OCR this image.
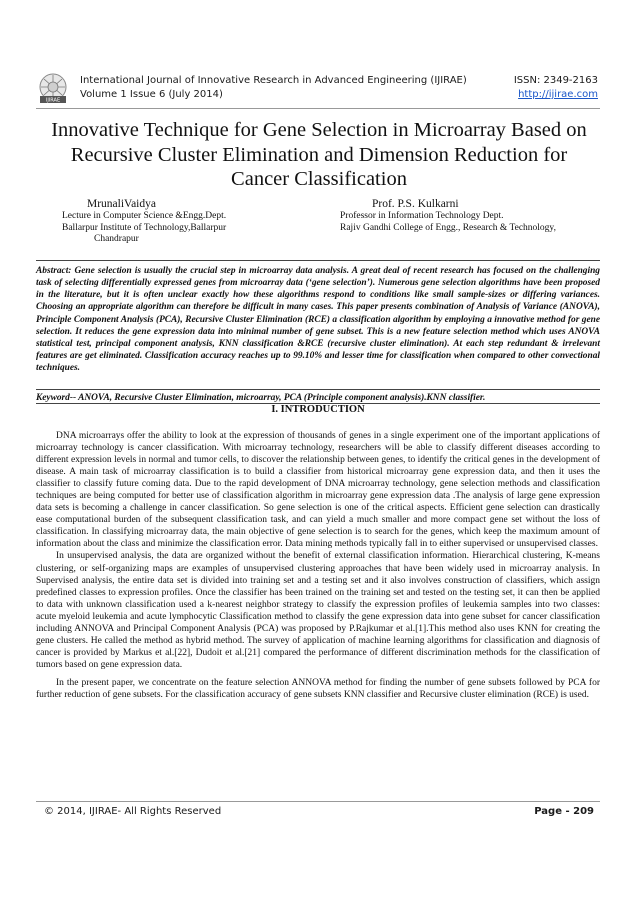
IJIRAE
International Journal of Innovative Research in Advanced Engineering (IJIRAE)
Volume 1 Issue 6 (July 2014)
ISSN: 2349-2163
http://ijirae.com
Innovative Technique for Gene Selection in Microarray Based on
Recursive Cluster Elimination and Dimension Reduction for
Cancer Classification
MrunaliVaidya
Lecture in Computer Science &Engg.Dept.
Ballarpur Institute of Technology,Ballarpur
Chandrapur
Prof. P.S. Kulkarni
Professor in Information Technology Dept.
Rajiv Gandhi College of Engg., Research & Technology,
Abstract: Gene selection is usually the crucial step in microarray data analysis. A great deal of recent research has focused on the challenging task of selecting differentially expressed genes from microarray data (‘gene selection’). Numerous gene selection algorithms have been proposed in the literature, but it is often unclear exactly how these algorithms respond to conditions like small sample-sizes or differing variances. Choosing an appropriate algorithm can therefore be difficult in many cases. This paper presents combination of Analysis of Variance (ANOVA), Principle Component Analysis (PCA), Recursive Cluster Elimination (RCE) a classification algorithm by employing a innovative method for gene selection. It reduces the gene expression data into minimal number of gene subset. This is a new feature selection method which uses ANOVA statistical test, principal component analysis, KNN classification &RCE (recursive cluster elimination). At each step redundant & irrelevant features are get eliminated. Classification accuracy reaches up to 99.10% and lesser time for classification when compared to other convectional techniques.
Keyword-- ANOVA, Recursive Cluster Elimination, microarray, PCA (Principle component analysis).KNN classifier.
I. INTRODUCTION

DNA microarrays offer the ability to look at the expression of thousands of genes in a single experiment one of the important applications of microarray technology is cancer classification. With microarray technology, researchers will be able to classify different diseases according to different expression levels in normal and tumor cells, to discover the relationship between genes, to identify the critical genes in the development of disease. A main task of microarray classification is to build a classifier from historical microarray gene expression data, and then it uses the classifier to classify future coming data. Due to the rapid development of DNA microarray technology, gene selection methods and classification techniques are being computed for better use of classification algorithm in microarray gene expression data .The analysis of large gene expression data sets is becoming a challenge in cancer classification. So gene selection is one of the critical aspects. Efficient gene selection can drastically ease computational burden of the subsequent classification task, and can yield a much smaller and more compact gene set without the loss of classification. In classifying microarray data, the main objective of gene selection is to search for the genes, which keep the maximum amount of information about the class and minimize the classification error. Data mining methods typically fall in to either supervised or unsupervised classes.

In unsupervised analysis, the data are organized without the benefit of external classification information. Hierarchical clustering, K-means clustering, or self-organizing maps are examples of unsupervised clustering approaches that have been widely used in microarray analysis. In Supervised analysis, the entire data set is divided into training set and a testing set and it also involves construction of classifiers, which assign predefined classes to expression profiles. Once the classifier has been trained on the training set and tested on the testing set, it can then be applied to data with unknown classification used a k-nearest neighbor strategy to classify the expression profiles of leukemia samples into two classes: acute myeloid leukemia and acute lymphocytic Classification method to classify the gene expression data into gene subset for cancer classification including ANNOVA and Principal Component Analysis (PCA) was proposed by P.Rajkumar et al.[1].This method also uses KNN for creating the gene clusters. He called the method as hybrid method. The survey of application of machine learning algorithms for classification and diagnosis of cancer is provided by Markus et al.[22], Dudoit et al.[21] compared the performance of different discrimination methods for the classification of tumors based on gene expression data.

In the present paper, we concentrate on the feature selection ANNOVA method for finding the number of gene subsets followed by PCA for further reduction of gene subsets. For the classification accuracy of gene subsets KNN classifier and Recursive cluster elimination (RCE) is used.

© 2014, IJIRAE- All Rights Reserved	Page - 209
